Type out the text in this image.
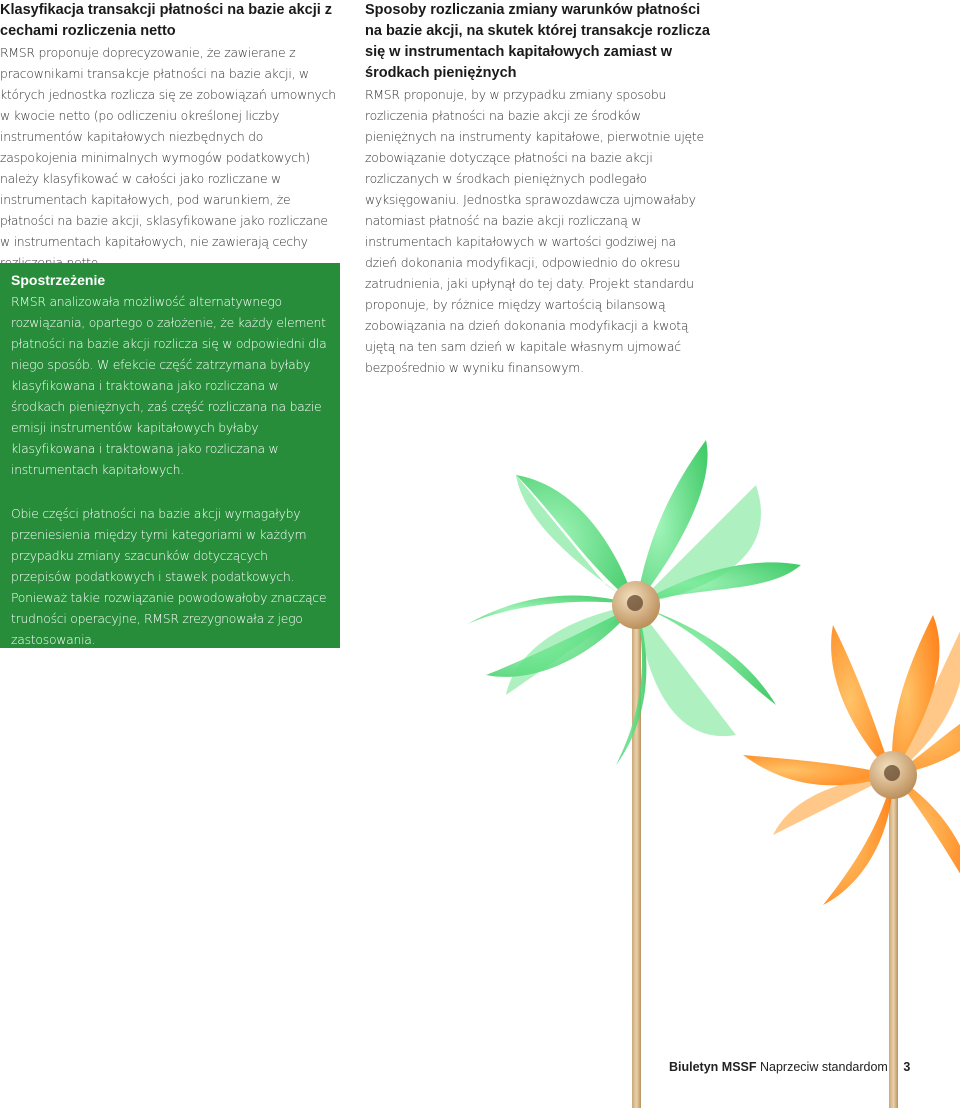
Klasyfikacja transakcji płatności na bazie akcji z cechami rozliczenia netto

RMSR proponuje doprecyzowanie, że zawierane z pracownikami transakcje płatności na bazie akcji, w których jednostka rozlicza się ze zobowiązań umownych w kwocie netto (po odliczeniu określonej liczby instrumentów kapitałowych niezbędnych do zaspokojenia minimalnych wymogów podatkowych) należy klasyfikować w całości jako rozliczane w instrumentach kapitałowych, pod warunkiem, że płatności na bazie akcji, sklasyfikowane jako rozliczane w instrumentach kapitałowych, nie zawierają cechy

Spostrzeżenie

RMSR analizowała możliwość alternatywnego rozwiązania, opartego o założenie, że każdy element płatności na bazie akcji rozlicza się w odpowiedni dla niego sposób. W efekcie część zatrzymana byłaby klasyfikowana i traktowana jako rozliczana w środkach pieniężnych, zaś część rozliczana na bazie emisji instrumentów kapitałowych byłaby klasyfikowana i traktowana jako rozliczana w instrumentach kapitałowych.

Obie części płatności na bazie akcji wymagałyby przeniesienia między tymi kategoriami w każdym przypadku zmiany szacunków dotyczących przepisów podatkowych i stawek podatkowych. Ponieważ takie rozwiązanie powodowałoby znaczące trudności operacyjne, RMSR zrezygnowała z jego zastosowania.

Sposoby rozliczania zmiany warunków płatności na bazie akcji, na skutek której transakcje rozlicza się w instrumentach kapitałowych zamiast w środkach pieniężnych

RMSR proponuje, by w przypadku zmiany sposobu rozliczenia płatności na bazie akcji ze środków pieniężnych na instrumenty kapitałowe, pierwotnie ujęte zobowiązanie dotyczące płatności na bazie akcji rozliczanych w środkach pieniężnych podlegało wyksięgowaniu. Jednostka sprawozdawcza ujmowałaby natomiast płatność na bazie akcji rozliczaną w instrumentach kapitałowych w wartości godziwej na dzień dokonania modyfikacji, odpowiednio do okresu zatrudnienia, jaki upłynął do tej daty. Projekt standardu proponuje, by różnice między wartością bilansową zobowiązania na dzień dokonania modyfikacji a kwotą ujętą na ten sam dzień w kapitale własnym ujmować bezpośrednio w wyniku finansowym.

Biuletyn MSSF Naprzeciw standardom 3
